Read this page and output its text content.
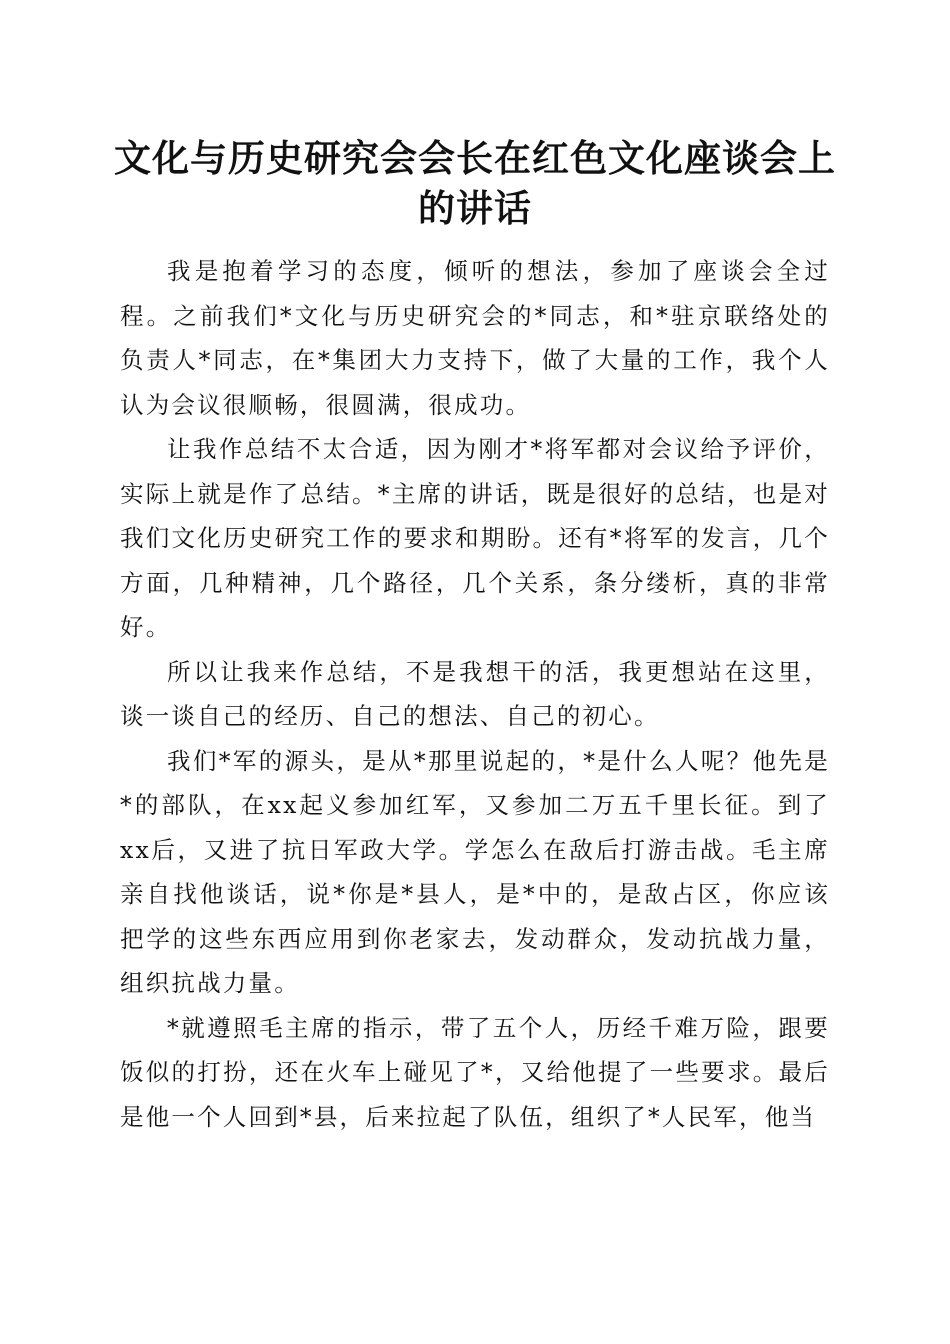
文化与历史研究会会长在红色文化座谈会上的讲话

我是抱着学习的态度，倾听的想法，参加了座谈会全过程。之前我们*文化与历史研究会的*同志，和*驻京联络处的负责人*同志，在*集团大力支持下，做了大量的工作，我个人认为会议很顺畅，很圆满，很成功。

让我作总结不太合适，因为刚才*将军都对会议给予评价，实际上就是作了总结。*主席的讲话，既是很好的总结，也是对我们文化历史研究工作的要求和期盼。还有*将军的发言，几个方面，几种精神，几个路径，几个关系，条分缕析，真的非常好。

所以让我来作总结，不是我想干的活，我更想站在这里，谈一谈自己的经历、自己的想法、自己的初心。

我们*军的源头，是从*那里说起的，*是什么人呢？他先是*的部队，在xx起义参加红军，又参加二万五千里长征。到了xx后，又进了抗日军政大学。学怎么在敌后打游击战。毛主席亲自找他谈话，说*你是*县人，是*中的，是敌占区，你应该把学的这些东西应用到你老家去，发动群众，发动抗战力量，组织抗战力量。

*就遵照毛主席的指示，带了五个人，历经千难万险，跟要饭似的打扮，还在火车上碰见了*，又给他提了一些要求。最后是他一个人回到*县，后来拉起了队伍，组织了*人民军，他当
